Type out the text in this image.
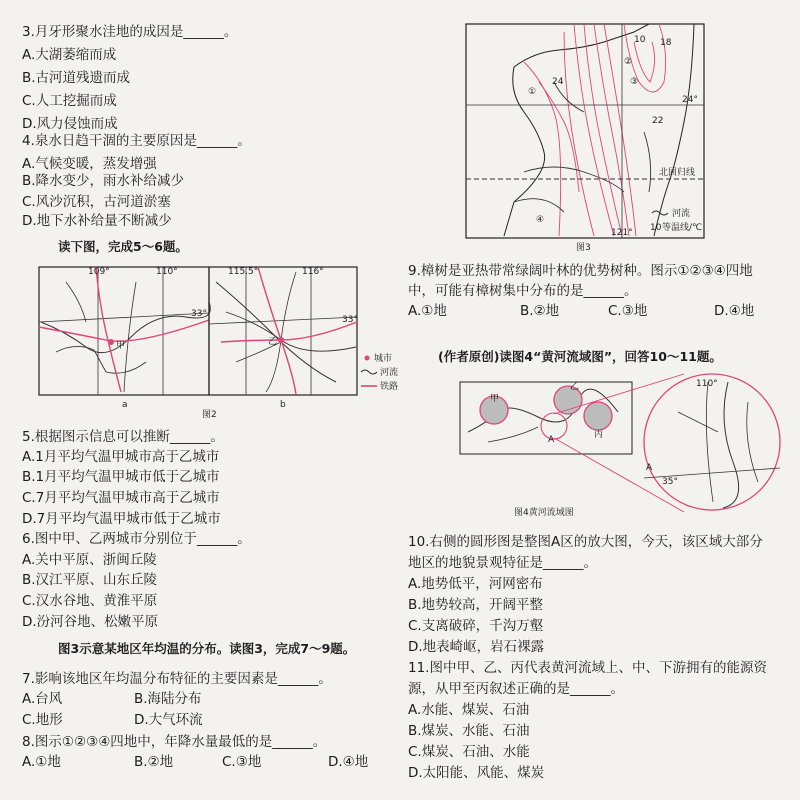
3.月牙形聚水洼地的成因是______。
A.大湖萎缩而成
B.古河道残遗而成
C.人工挖掘而成
D.风力侵蚀而成
4.泉水日趋干涸的主要原因是______。
A.气候变暖，蒸发增强
B.降水变少，雨水补给减少
C.风沙沉积，古河道淤塞
D.地下水补给量不断减少
读下图，完成5～6题。
甲
109°	110°
33°
a
乙
115.5°	116°
33°
b
城市
河流
铁路
图2
5.根据图示信息可以推断______。
A.1月平均气温甲城市高于乙城市
B.1月平均气温甲城市低于乙城市
C.7月平均气温甲城市高于乙城市
D.7月平均气温甲城市低于乙城市
6.图中甲、乙两城市分别位于______。
A.关中平原、浙闽丘陵
B.汉江平原、山东丘陵
C.汉水谷地、黄淮平原
D.汾河谷地、松嫩平原
图3示意某地区年均温的分布。读图3，完成7～9题。
7.影响该地区年均温分布特征的主要因素是______。
A.台风	B.海陆分布
C.地形	D.大气环流
8.图示①②③④四地中，年降水量最低的是______。
A.①地	B.②地	C.③地	D.④地
10 18
24
22
24°
121°
北回归线
①
②
③
④
河流
10 等温线/℃
图3
9.樟树是亚热带常绿阔叶林的优势树种。图示①②③④四地
中，可能有樟树集中分布的是______。
A.①地	B.②地	C.③地	D.④地
(作者原创)读图4“黄河流域图”，回答10～11题。
甲
乙
丙
A
110°
35°
A
图4黄河流域图
10.右侧的圆形图是整图A区的放大图，今天，该区域大部分
地区的地貌景观特征是______。
A.地势低平，河网密布
B.地势较高，开阔平整
C.支离破碎，千沟万壑
D.地表崎岖，岩石裸露
11.图中甲、乙、丙代表黄河流域上、中、下游拥有的能源资
源，从甲至丙叙述正确的是______。
A.水能、煤炭、石油
B.煤炭、水能、石油
C.煤炭、石油、水能
D.太阳能、风能、煤炭
